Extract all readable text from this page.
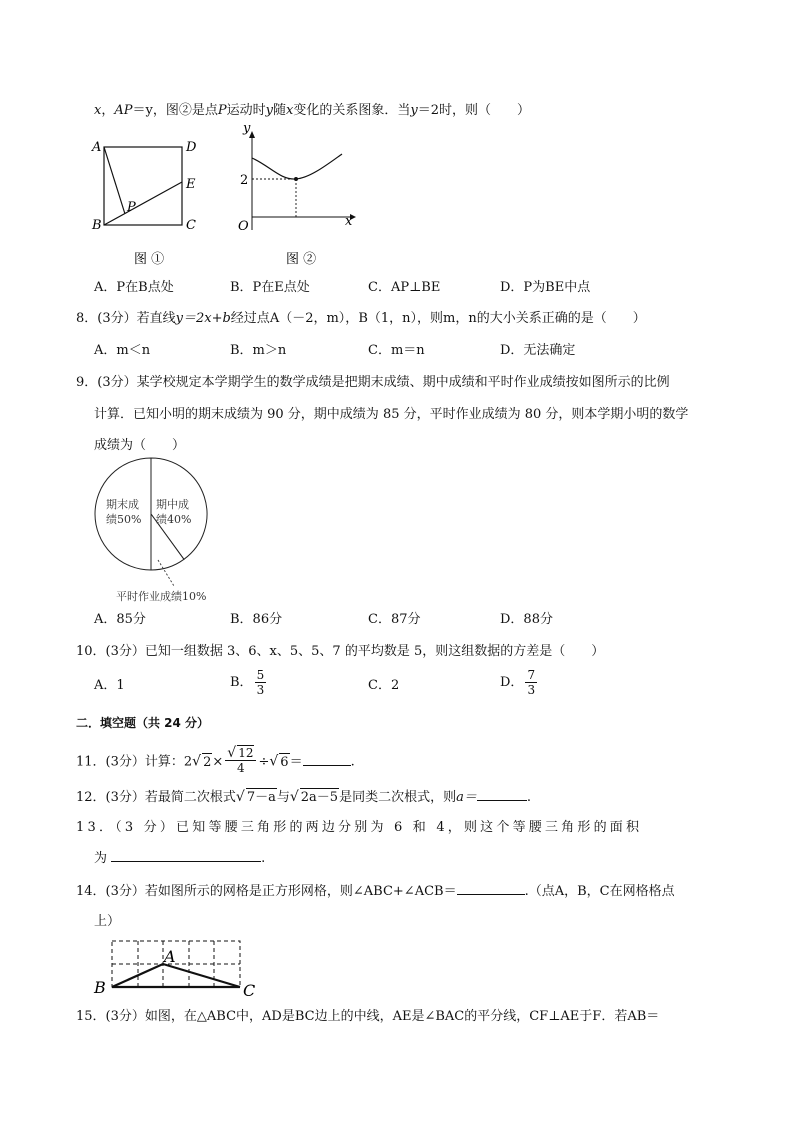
x，AP＝y，图②是点P运动时y随x变化的关系图象．当y＝2时，则（　　）
A	D
E
B	C
P
图 ①
y
x
O
2
图 ②
A．P在B点处	B．P在E点处	C．AP⊥BE	D．P为BE中点
8．(3分）若直线y＝2x+b经过点A（－2，m），B（1，n），则m，n的大小关系正确的是（　　）
A．m＜n	B．m＞n	C．m＝n	D．无法确定
9．(3分）某学校规定本学期学生的数学成绩是把期末成绩、期中成绩和平时作业成绩按如图所示的比例
计算．已知小明的期末成绩为 90 分，期中成绩为 85 分，平时作业成绩为 80 分，则本学期小明的数学
成绩为（　　）
期末成
绩50%
期中成
绩40%
平时作业成绩10%
A．85分	B．86分	C．87分	D．88分
10．(3分）已知一组数据 3、6、x、5、5、7 的平均数是 5，则这组数据的方差是（　　）
A．1	B． $\frac{5}{3}$	C．2	D． $\frac{7}{3}$
二．填空题（共 24 分）
11．(3分）计算：2√ $2\times \frac{√ 12}{4}$ ÷√ 6＝	.
12．(3分）若最简二次根式√ 7－a与√ 2a－5是同类二次根式，则a＝	.
13．（3 分）已知等腰三角形的两边分别为 6 和 4，则这个等腰三角形的面积
为	.
14．(3分）若如图所示的网格是正方形网格，则∠ABC+∠ACB＝	.（点A，B，C在网格格点
上）
A
B	C
15．(3分）如图，在△ABC中，AD是BC边上的中线，AE是∠BAC的平分线，CF⊥AE于F．若AB＝
